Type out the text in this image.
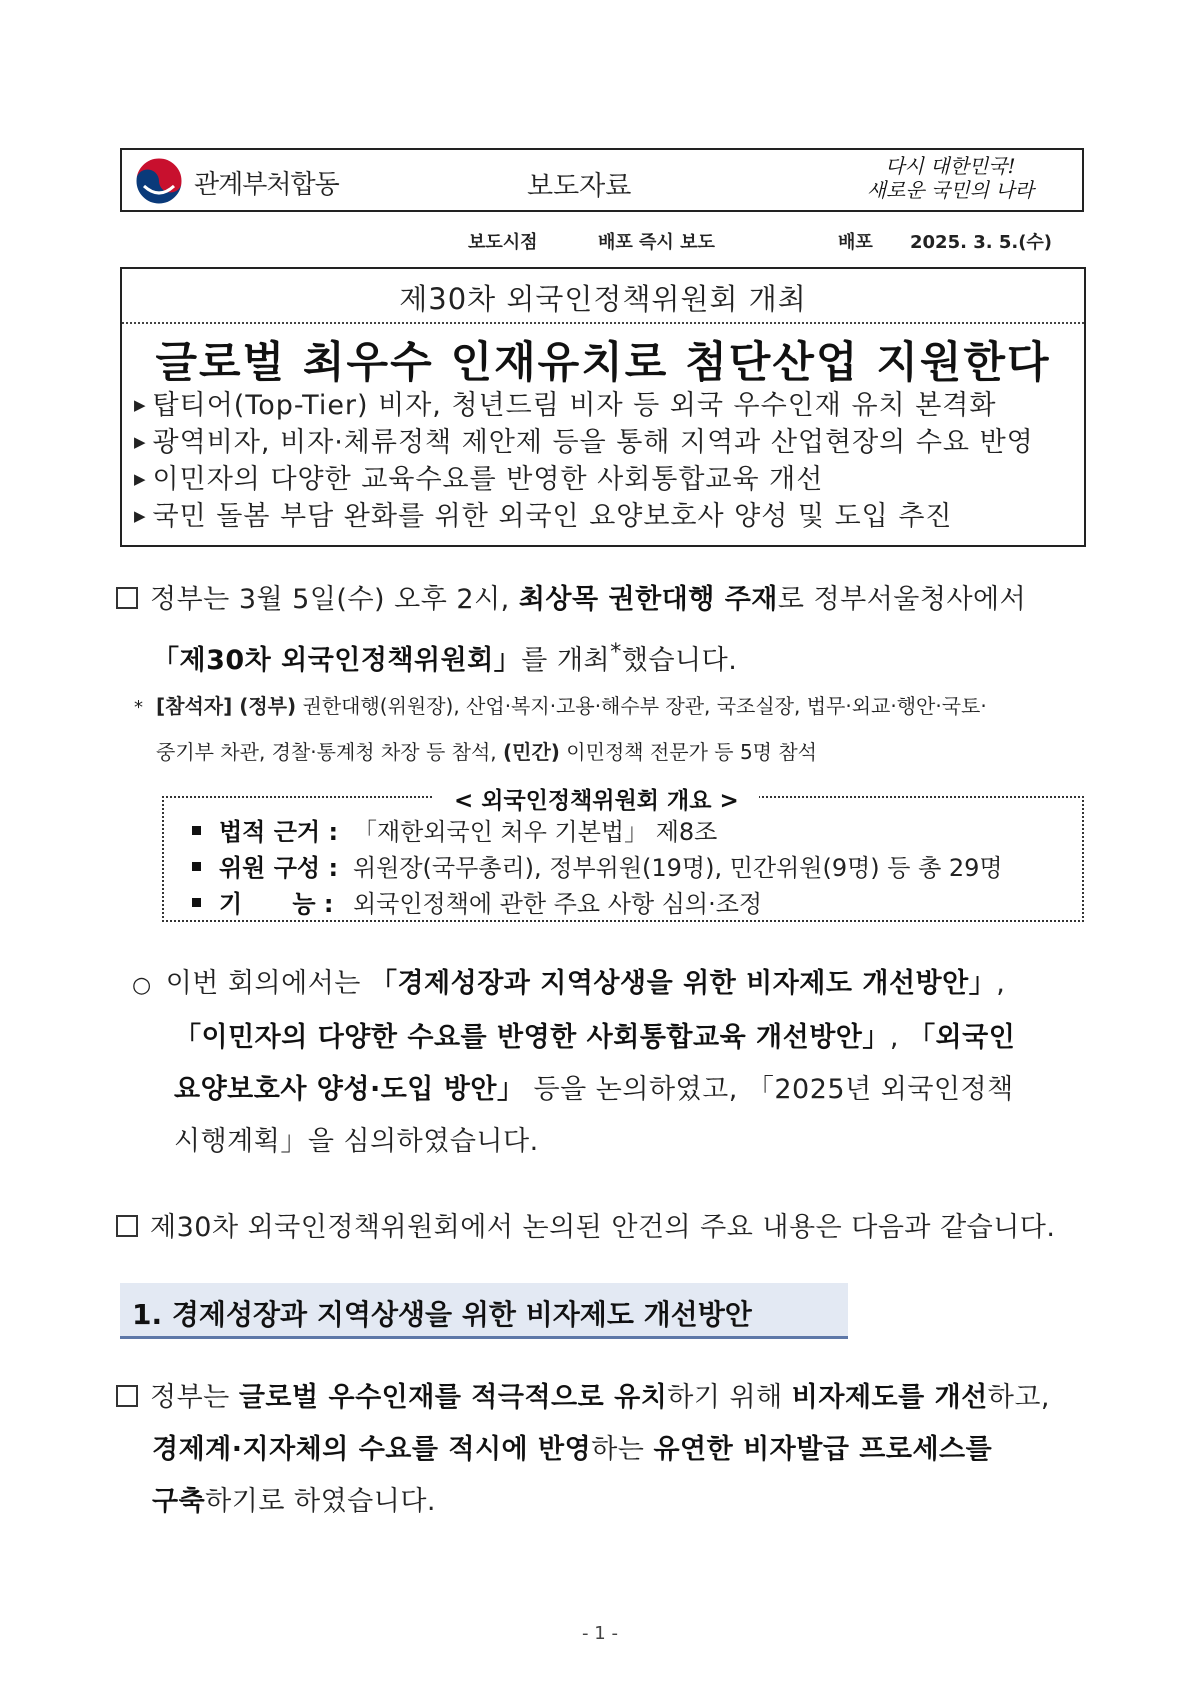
관계부처합동	보도자료
다시 대한민국!
새로운 국민의 나라
보도시점	배포 즉시 보도	배포 2025. 3. 5.(수)
제30차 외국인정책위원회 개최
글로벌 최우수 인재유치로 첨단산업 지원한다
▶ 탑티어(Top-Tier) 비자, 청년드림 비자 등 외국 우수인재 유치 본격화
▶ 광역비자, 비자·체류정책 제안제 등을 통해 지역과 산업현장의 수요 반영
▶ 이민자의 다양한 교육수요를 반영한 사회통합교육 개선
▶ 국민 돌봄 부담 완화를 위한 외국인 요양보호사 양성 및 도입 추진
정부는 3월 5일(수) 오후 2시, 최상목 권한대행 주재로 정부서울청사에서
「제30차 외국인정책위원회」를 개최*했습니다.
* [참석자] (정부) 권한대행(위원장), 산업·복지·고용·해수부 장관, 국조실장, 법무·외교·행안·국토·
중기부 차관, 경찰·통계청 차장 등 참석, (민간) 이민정책 전문가 등 5명 참석
< 외국인정책위원회 개요 >
법적 근거 : 「재한외국인 처우 기본법」 제8조
위원 구성 : 위원장(국무총리), 정부위원(19명), 민간위원(9명) 등 총 29명
기      능 : 외국인정책에 관한 주요 사항 심의·조정
○ 이번 회의에서는 「경제성장과 지역상생을 위한 비자제도 개선방안」,
「이민자의 다양한 수요를 반영한 사회통합교육 개선방안」, 「외국인
요양보호사 양성·도입 방안」 등을 논의하였고, 「2025년 외국인정책
시행계획」을 심의하였습니다.
제30차 외국인정책위원회에서 논의된 안건의 주요 내용은 다음과 같습니다.
1. 경제성장과 지역상생을 위한 비자제도 개선방안
정부는 글로벌 우수인재를 적극적으로 유치하기 위해 비자제도를 개선하고,
경제계·지자체의 수요를 적시에 반영하는 유연한 비자발급 프로세스를
구축하기로 하였습니다.
- 1 -
